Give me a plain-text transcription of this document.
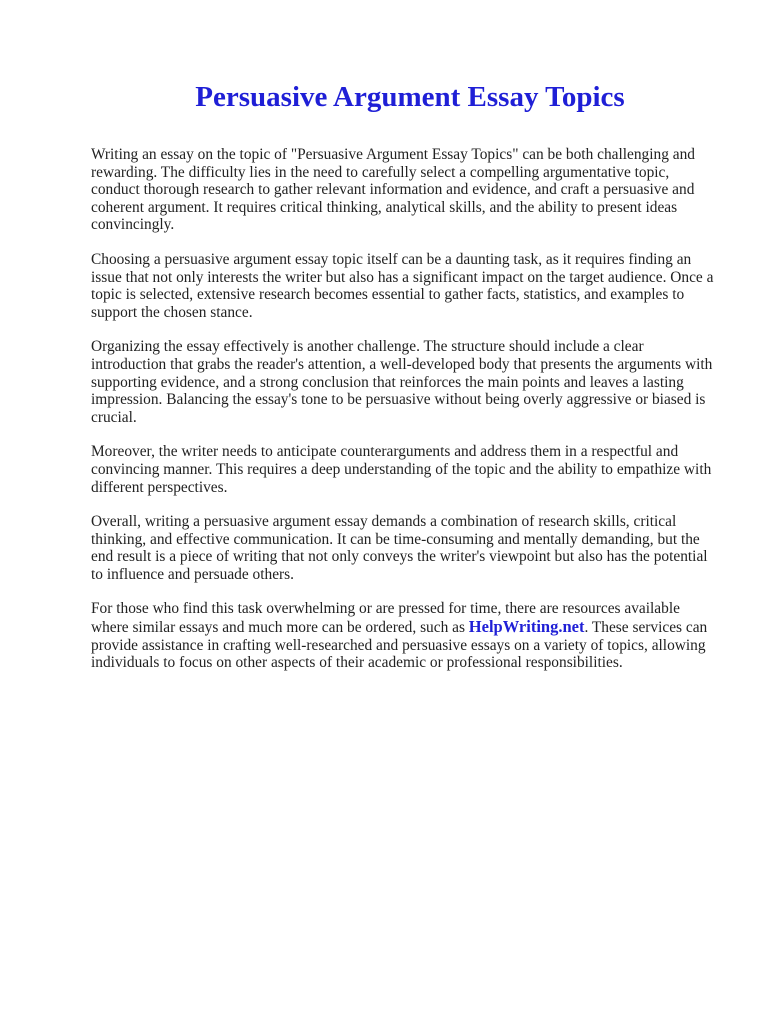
Persuasive Argument Essay Topics

Writing an essay on the topic of "Persuasive Argument Essay Topics" can be both challenging and rewarding. The difficulty lies in the need to carefully select a compelling argumentative topic, conduct thorough research to gather relevant information and evidence, and craft a persuasive and coherent argument. It requires critical thinking, analytical skills, and the ability to present ideas convincingly.

Choosing a persuasive argument essay topic itself can be a daunting task, as it requires finding an issue that not only interests the writer but also has a significant impact on the target audience. Once a topic is selected, extensive research becomes essential to gather facts, statistics, and examples to support the chosen stance.

Organizing the essay effectively is another challenge. The structure should include a clear introduction that grabs the reader's attention, a well-developed body that presents the arguments with supporting evidence, and a strong conclusion that reinforces the main points and leaves a lasting impression. Balancing the essay's tone to be persuasive without being overly aggressive or biased is crucial.

Moreover, the writer needs to anticipate counterarguments and address them in a respectful and convincing manner. This requires a deep understanding of the topic and the ability to empathize with different perspectives.

Overall, writing a persuasive argument essay demands a combination of research skills, critical thinking, and effective communication. It can be time-consuming and mentally demanding, but the end result is a piece of writing that not only conveys the writer's viewpoint but also has the potential to influence and persuade others.

For those who find this task overwhelming or are pressed for time, there are resources available where similar essays and much more can be ordered, such as HelpWriting.net. These services can provide assistance in crafting well-researched and persuasive essays on a variety of topics, allowing individuals to focus on other aspects of their academic or professional responsibilities.
